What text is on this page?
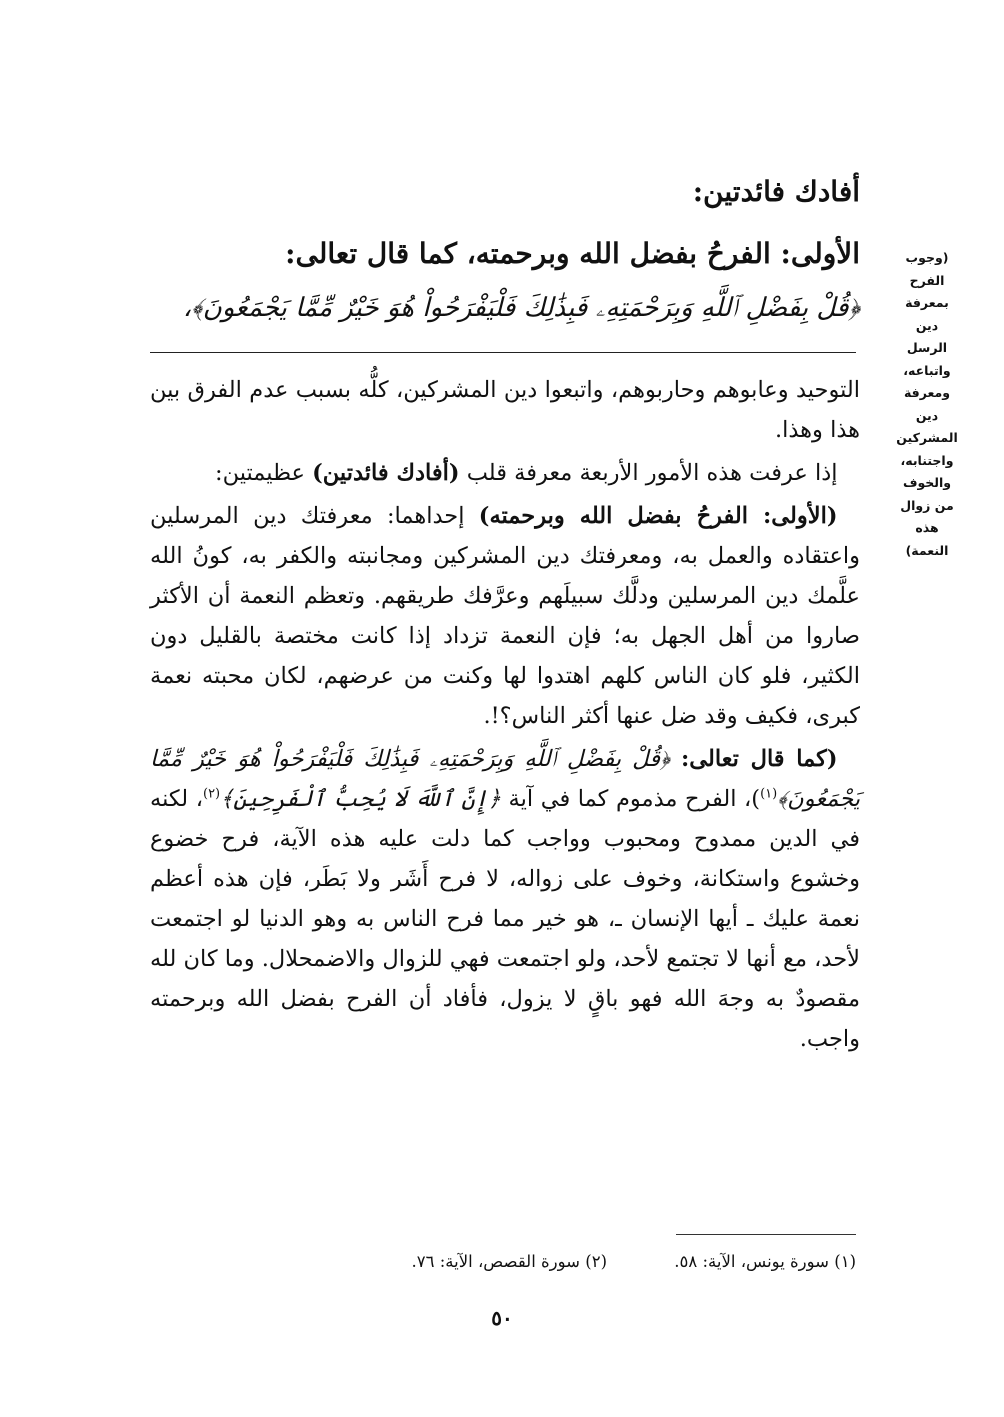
(وجوب
الفرح
بمعرفة
دين
الرسل
واتباعه،
ومعرفة
دين
المشركين
واجتنابه،
والخوف
من زوال
هذه
النعمة)
أفادك فائدتين:
الأولى: الفرحُ بفضل الله وبرحمته، كما قال تعالى:
﴿قُلْ بِفَضْلِ ٱللَّهِ وَبِرَحْمَتِهِۦ فَبِذَٰلِكَ فَلْيَفْرَحُواْ هُوَ خَيْرٌ مِّمَّا يَجْمَعُونَ﴾،

التوحيد وعابوهم وحاربوهم، واتبعوا دين المشركين، كلُّه بسبب عدم الفرق بين هذا وهذا.

 إذا عرفت هذه الأمور الأربعة معرفة قلب (أفادك فائدتين) عظيمتين:

 (الأولى: الفرحُ بفضل الله وبرحمته) إحداهما: معرفتك دين المرسلين واعتقاده والعمل به، ومعرفتك دين المشركين ومجانبته والكفر به، كونُ الله علَّمك دين المرسلين ودلَّك سبيلَهم وعرَّفك طريقهم. وتعظم النعمة أن الأكثر صاروا من أهل الجهل به؛ فإن النعمة تزداد إذا كانت مختصة بالقليل دون الكثير، فلو كان الناس كلهم اهتدوا لها وكنت من عرضهم، لكان محبته نعمة كبرى، فكيف وقد ضل عنها أكثر الناس؟!.

 (كما قال تعالى: ﴿قُلْ بِفَضْلِ ٱللَّهِ وَبِرَحْمَتِهِۦ فَبِذَٰلِكَ فَلْيَفْرَحُواْ هُوَ خَيْرٌ مِّمَّا يَجْمَعُونَ﴾$^{(١)}$)، الفرح مذموم كما في آية ﴿إِنَّ ٱللَّهَ لَا يُحِبُّ ٱلْفَرِحِينَ﴾$^{(٢)}$، لكنه في الدين ممدوح ومحبوب وواجب كما دلت عليه هذه الآية، فرح خضوع وخشوع واستكانة، وخوف على زواله، لا فرح أَشَر ولا بَطَر، فإن هذه أعظم نعمة عليك ـ أيها الإنسان ـ، هو خير مما فرح الناس به وهو الدنيا لو اجتمعت لأحد، مع أنها لا تجتمع لأحد، ولو اجتمعت فهي للزوال والاضمحلال. وما كان لله مقصودٌ به وجهَ الله فهو باقٍ لا يزول، فأفاد أن الفرح بفضل الله وبرحمته واجب.

(١) سورة يونس، الآية: ٥٨. (٢) سورة القصص، الآية: ٧٦.
٥٠
